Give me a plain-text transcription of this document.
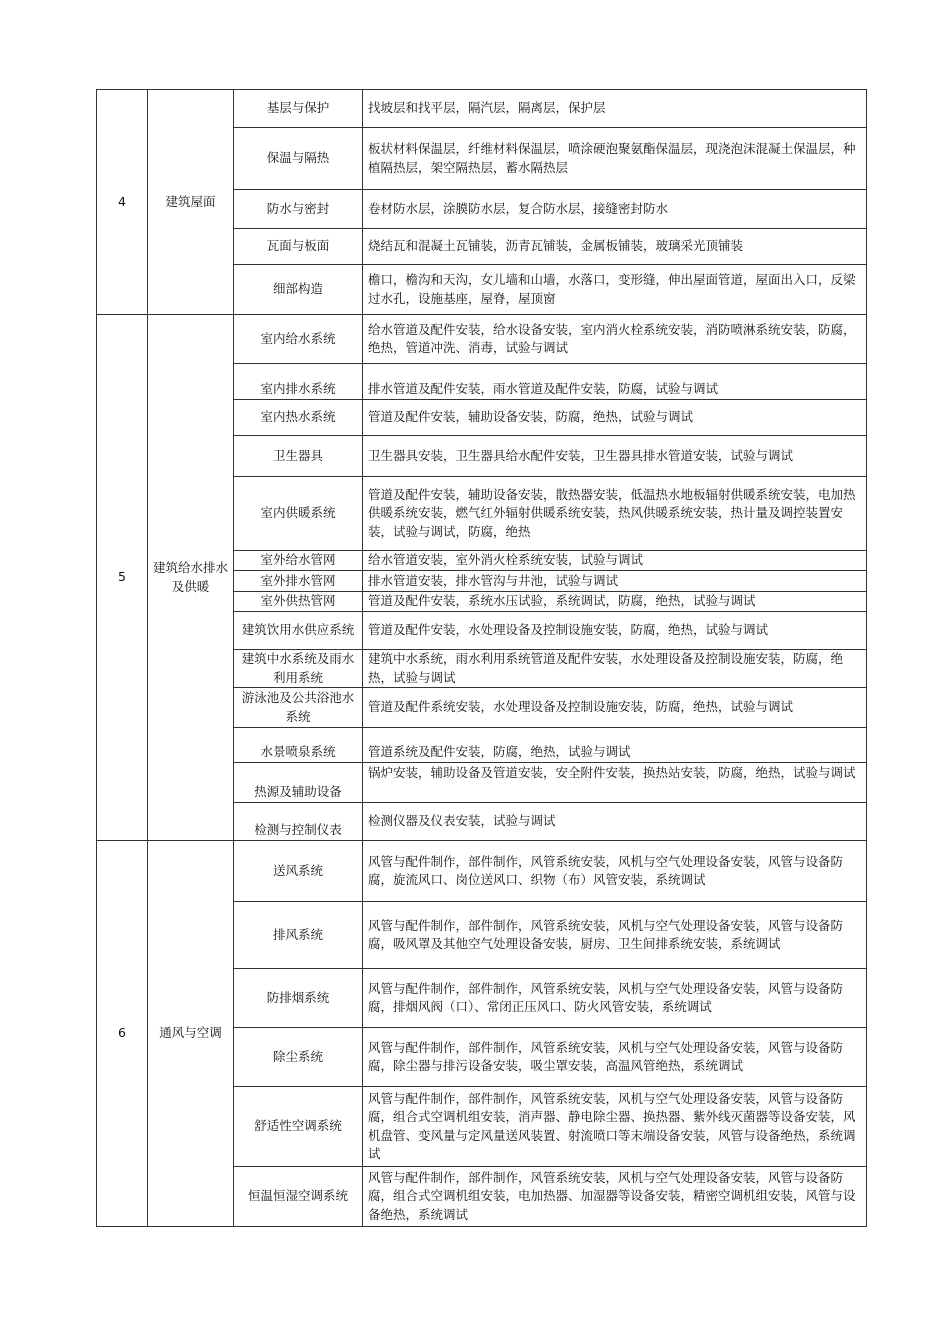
4	建筑屋面	基层与保护	找坡层和找平层，隔汽层，隔离层，保护层
		保温与隔热	板状材料保温层，纤维材料保温层，喷涂硬泡聚氨酯保温层，现浇泡沫混凝土保温层，种植隔热层，架空隔热层，蓄水隔热层
		防水与密封	卷材防水层，涂膜防水层，复合防水层，接缝密封防水
		瓦面与板面	烧结瓦和混凝土瓦铺装，沥青瓦铺装，金属板铺装，玻璃采光顶铺装
		细部构造	檐口，檐沟和天沟，女儿墙和山墙，水落口，变形缝，伸出屋面管道，屋面出入口，反梁过水孔，设施基座，屋脊，屋顶窗
5	建筑给水排水及供暖	室内给水系统	给水管道及配件安装，给水设备安装，室内消火栓系统安装，消防喷淋系统安装，防腐，绝热，管道冲洗、消毒，试验与调试
		室内排水系统	排水管道及配件安装，雨水管道及配件安装，防腐，试验与调试
		室内热水系统	管道及配件安装，辅助设备安装，防腐，绝热，试验与调试
		卫生器具	卫生器具安装，卫生器具给水配件安装，卫生器具排水管道安装，试验与调试
		室内供暖系统	管道及配件安装，辅助设备安装，散热器安装，低温热水地板辐射供暖系统安装，电加热供暖系统安装，燃气红外辐射供暖系统安装，热风供暖系统安装，热计量及调控装置安装，试验与调试，防腐，绝热
		室外给水管网	给水管道安装，室外消火栓系统安装，试验与调试
		室外排水管网	排水管道安装，排水管沟与井池，试验与调试
		室外供热管网	管道及配件安装，系统水压试验，系统调试，防腐，绝热，试验与调试
		建筑饮用水供应系统	管道及配件安装，水处理设备及控制设施安装，防腐，绝热，试验与调试
		建筑中水系统及雨水利用系统	建筑中水系统，雨水利用系统管道及配件安装，水处理设备及控制设施安装，防腐，绝热，试验与调试
		游泳池及公共浴池水系统	管道及配件系统安装，水处理设备及控制设施安装，防腐，绝热，试验与调试
		水景喷泉系统	管道系统及配件安装，防腐，绝热，试验与调试
		热源及辅助设备	锅炉安装，辅助设备及管道安装，安全附件安装，换热站安装，防腐，绝热，试验与调试
		检测与控制仪表	检测仪器及仪表安装，试验与调试
6	通风与空调	送风系统	风管与配件制作，部件制作，风管系统安装，风机与空气处理设备安装，风管与设备防腐，旋流风口、岗位送风口、织物（布）风管安装，系统调试
		排风系统	风管与配件制作，部件制作，风管系统安装，风机与空气处理设备安装，风管与设备防腐，吸风罩及其他空气处理设备安装，厨房、卫生间排系统安装，系统调试
		防排烟系统	风管与配件制作，部件制作，风管系统安装，风机与空气处理设备安装，风管与设备防腐，排烟风阀（口）、常闭正压风口、防火风管安装，系统调试
		除尘系统	风管与配件制作，部件制作，风管系统安装，风机与空气处理设备安装，风管与设备防腐，除尘器与排污设备安装，吸尘罩安装，高温风管绝热，系统调试
		舒适性空调系统	风管与配件制作，部件制作，风管系统安装，风机与空气处理设备安装，风管与设备防腐，组合式空调机组安装，消声器、静电除尘器、换热器、紫外线灭菌器等设备安装，风机盘管、变风量与定风量送风装置、射流喷口等末端设备安装，风管与设备绝热，系统调试
		恒温恒湿空调系统	风管与配件制作，部件制作，风管系统安装，风机与空气处理设备安装，风管与设备防腐，组合式空调机组安装，电加热器、加湿器等设备安装，精密空调机组安装，风管与设备绝热，系统调试
